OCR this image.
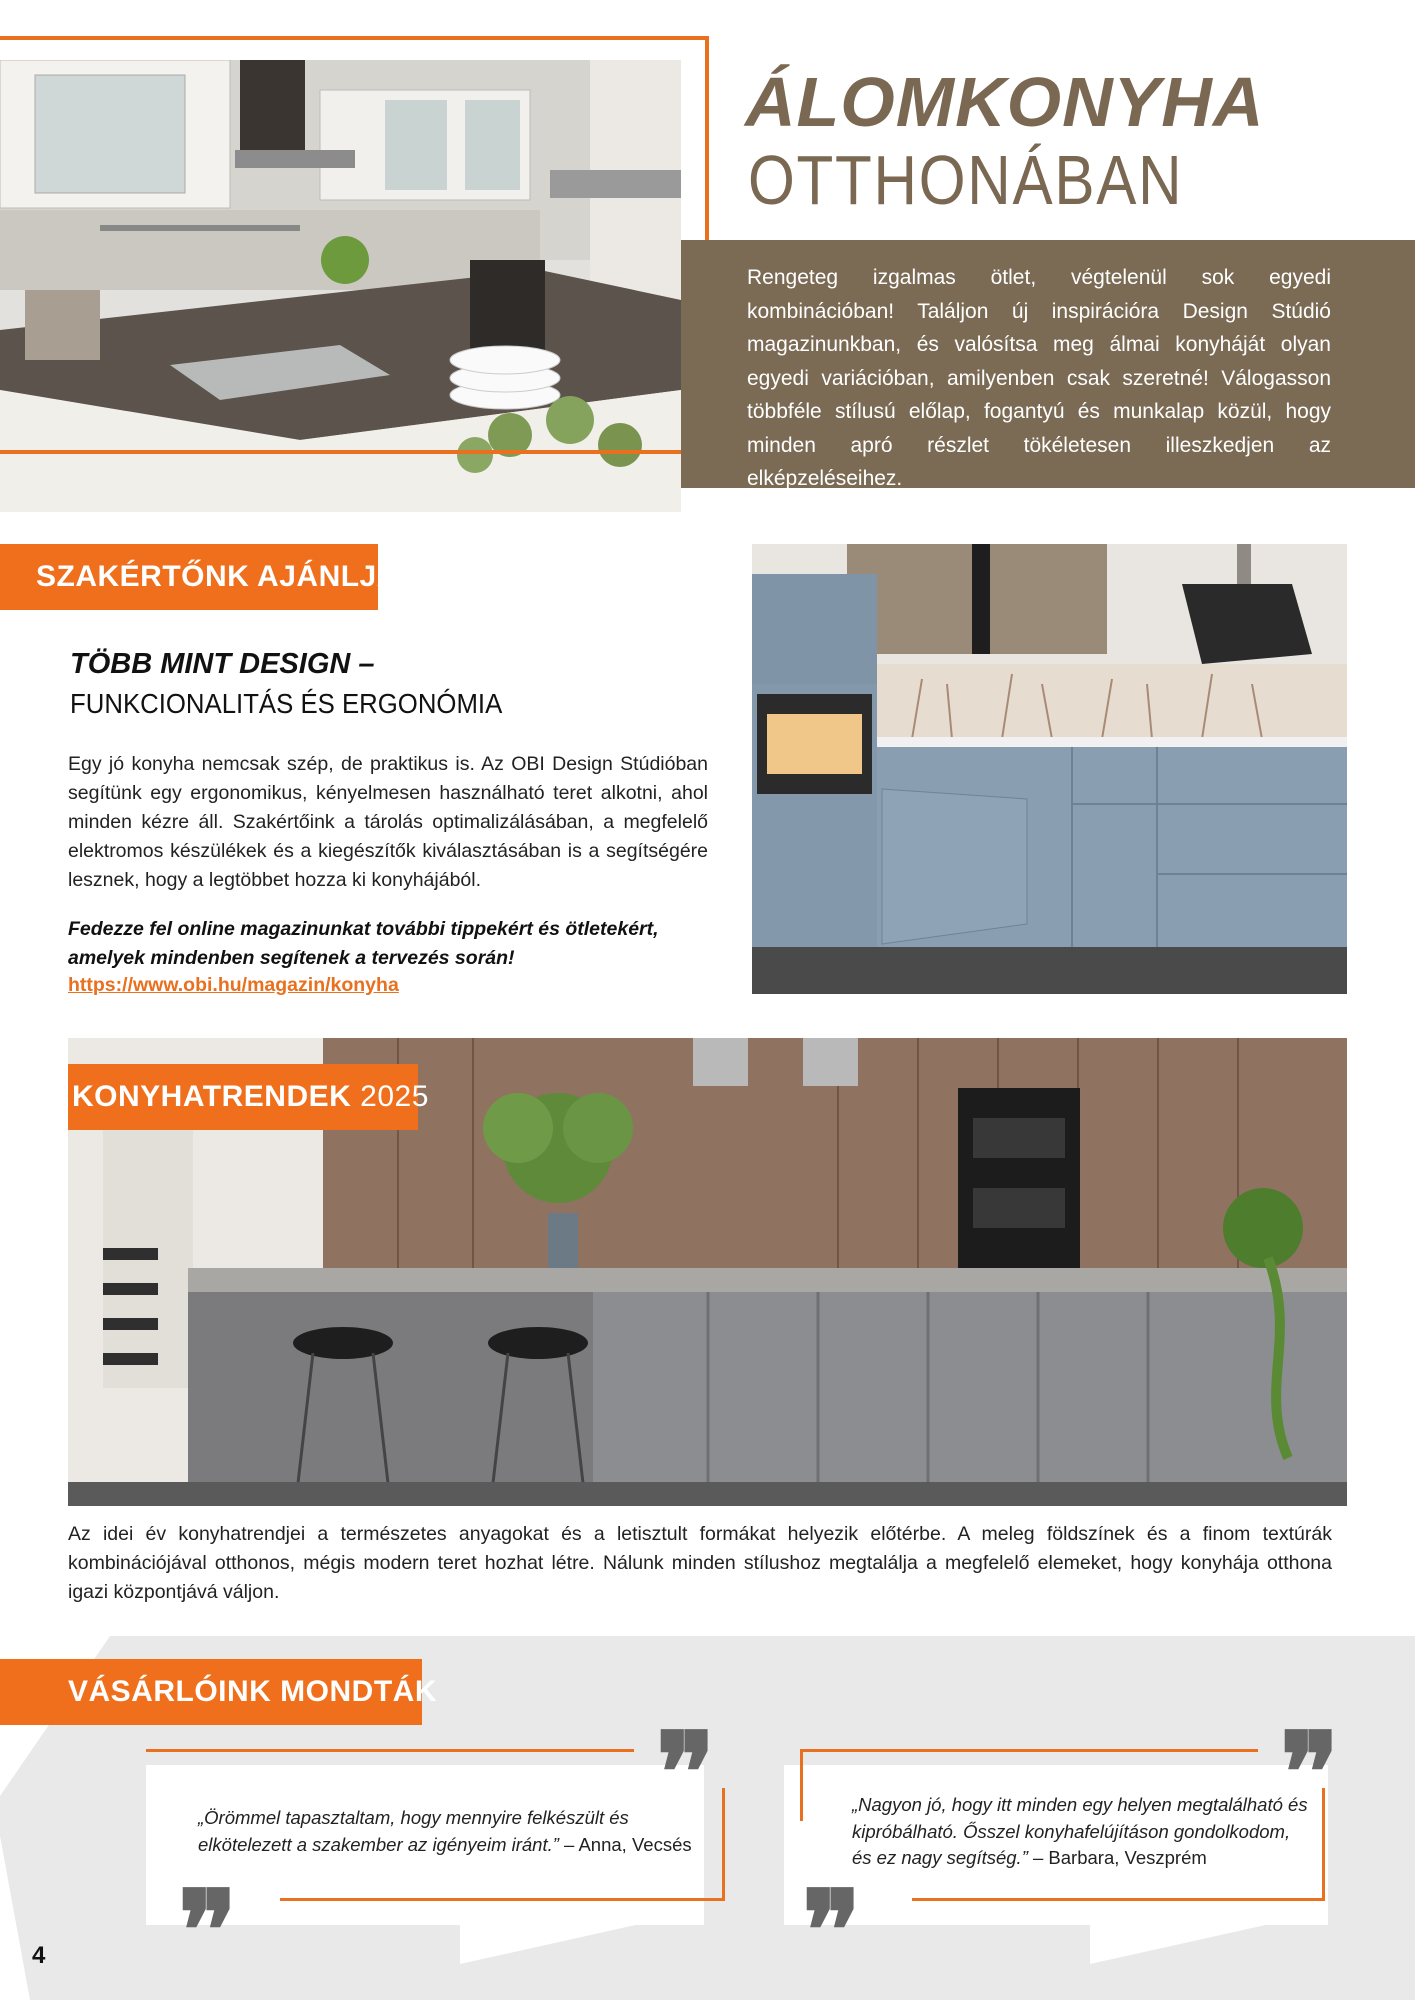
ÁLOMKONYHA
OTTHONÁBAN

Rengeteg izgalmas ötlet, végtelenül sok egyedi kombinációban! Találjon új inspirációra Design Stúdió magazinunkban, és valósítsa meg álmai konyháját olyan egyedi variációban, amilyenben csak szeretné! Válogasson többféle stílusú előlap, fogantyú és munkalap közül, hogy minden apró részlet tökéletesen illeszkedjen az elképzeléseihez.

SZAKÉRTŐNK AJÁNLJA:
TÖBB MINT DESIGN –
FUNKCIONALITÁS ÉS ERGONÓMIA

Egy jó konyha nemcsak szép, de praktikus is. Az OBI Design Stúdióban segítünk egy ergonomikus, kényelmesen használható teret alkotni, ahol minden kézre áll. Szakértőink a tárolás optimalizálásában, a megfelelő elektromos készülékek és a kiegészítők kiválasztásában is a segítségére lesznek, hogy a legtöbbet hozza ki konyhájából.

Fedezze fel online magazinunkat további tippekért és ötletekért, amelyek mindenben segítenek a tervezés során!

https://www.obi.hu/magazin/konyha
KONYHATRENDEK 2025

Az idei év konyhatrendjei a természetes anyagokat és a letisztult formákat helyezik előtérbe. A meleg földszínek és a finom textúrák kombinációjával otthonos, mégis modern teret hozhat létre. Nálunk minden stílushoz megtalálja a megfelelő elemeket, hogy konyhája otthona igazi központjává váljon.

VÁSÁRLÓINK MONDTÁK
❞
❞

„Örömmel tapasztaltam, hogy mennyire felkészült és elkötelezett a szakember az igényeim iránt.” – Anna, Vecsés

❞
❞

„Nagyon jó, hogy itt minden egy helyen megtalálható és kipróbálható. Ősszel konyhafelújításon gondolkodom, és ez nagy segítség.” – Barbara, Veszprém

4
